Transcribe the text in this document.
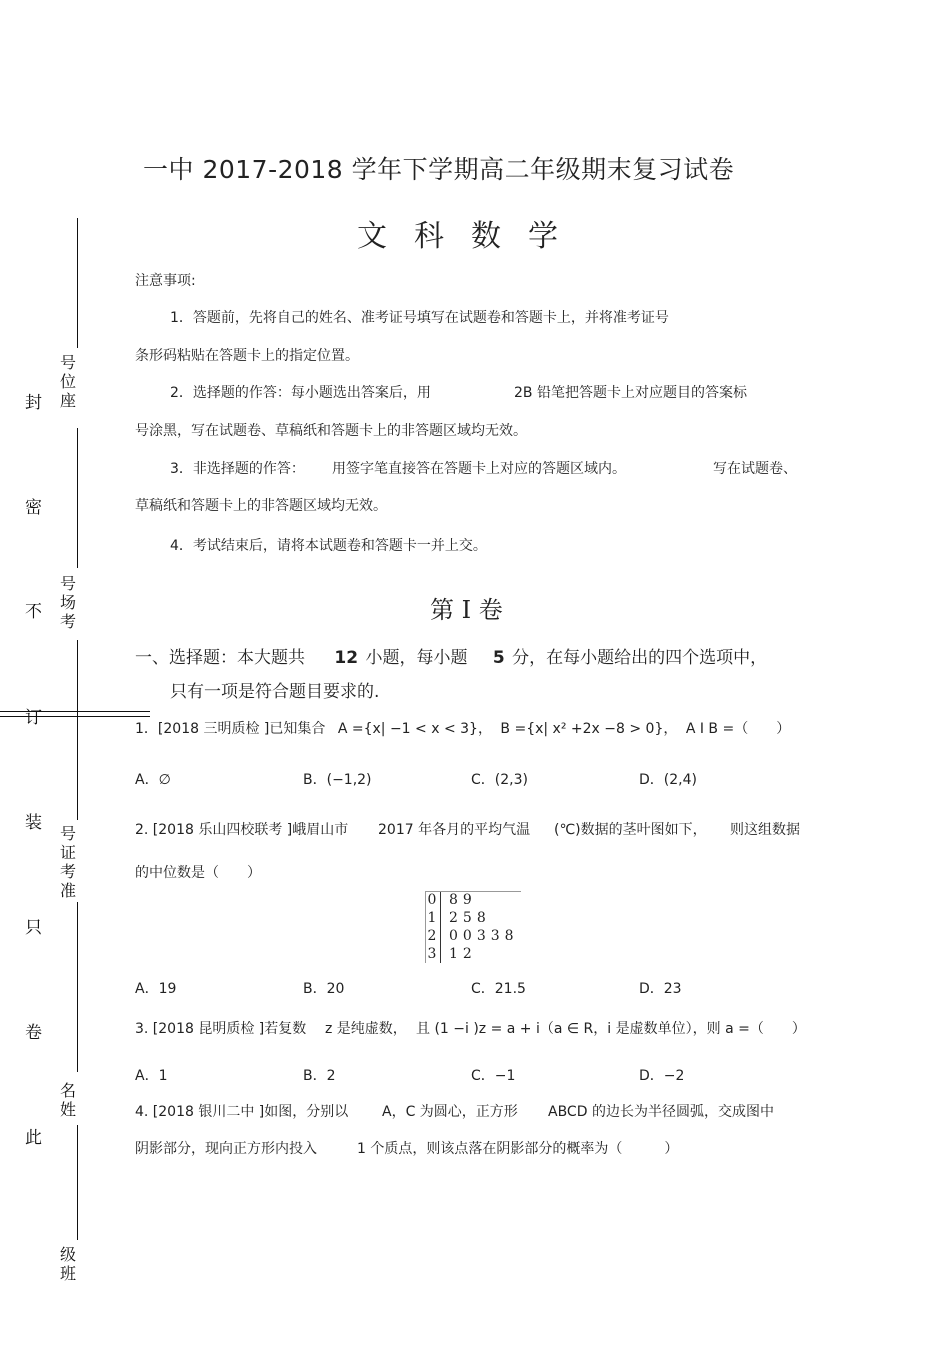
封
密
不
订
装
只
卷
此
号位座
号场考
号证考准
名姓
级班
一中 2017-2018 学年下学期高二年级期末复习试卷
文科数学
注意事项:
1．答题前，先将自己的姓名、准考证号填写在试题卷和答题卡上，并将准考证号
条形码粘贴在答题卡上的指定位置。
2．选择题的作答：每小题选出答案后，用	2B 铅笔把答题卡上对应题目的答案标
号涂黑，写在试题卷、草稿纸和答题卡上的非答题区域均无效。
3．非选择题的作答： 用签字笔直接答在答题卡上对应的答题区域内。	写在试题卷、
草稿纸和答题卡上的非答题区域均无效。
4．考试结束后，请将本试题卷和答题卡一并上交。
第 I 卷
一、选择题：本大题共 12 小题，每小题 5 分，在每小题给出的四个选项中，
只有一项是符合题目要求的.
1．[2018 三明质检 ]已知集合 A ={x| −1 < x < 3}， B ={x| x² +2x −8 > 0}， A I B =（　　）
A．∅	B．(−1,2)	C．(2,3)	D．(2,4)
2. [2018 乐山四校联考 ]峨眉山市 2017 年各月的平均气温 (℃)数据的茎叶图如下， 则这组数据
的中位数是（　　）
0 89
1 258
2 00338
3 12
A．19	B．20	C．21.5	D．23
3. [2018 昆明质检 ]若复数 z 是纯虚数， 且 (1 −i )z = a + i（a ∈ R，i 是虚数单位），则 a =（　　）
A．1	B．2	C．−1	D．−2
4. [2018 银川二中 ]如图，分别以 A，C 为圆心，正方形 ABCD 的边长为半径圆弧，交成图中
阴影部分，现向正方形内投入	1 个质点，则该点落在阴影部分的概率为（　　　）
